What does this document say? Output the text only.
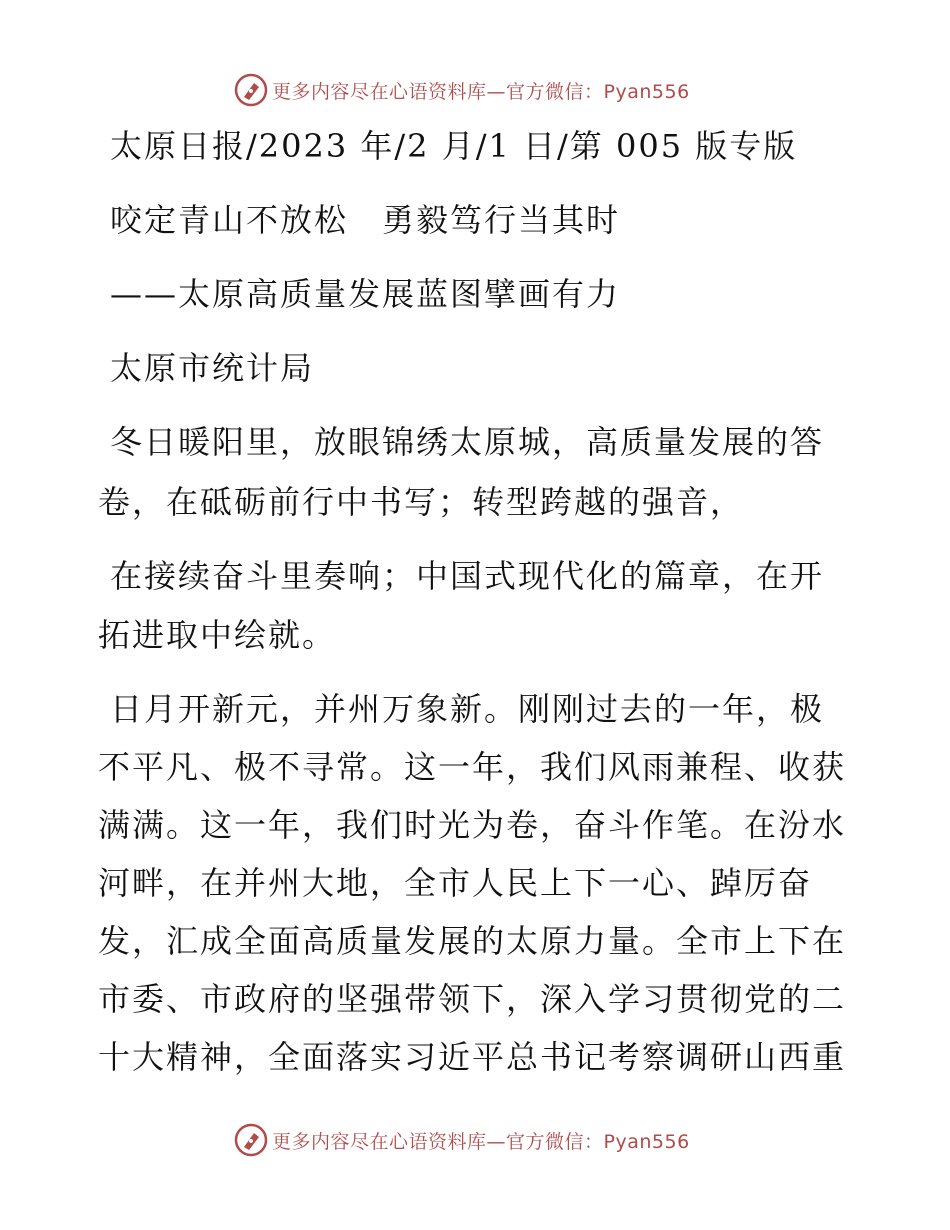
更多内容尽在心语资料库—官方微信：Pyan556
太原日报/2023 年/2 月/1 日/第 005 版专版
咬定青山不放松　勇毅笃行当其时
——太原高质量发展蓝图擘画有力
太原市统计局
冬日暖阳里，放眼锦绣太原城，高质量发展的答
卷，在砥砺前行中书写；转型跨越的强音，
在接续奋斗里奏响；中国式现代化的篇章，在开
拓进取中绘就。
日月开新元，并州万象新。刚刚过去的一年，极
不平凡、极不寻常。这一年，我们风雨兼程、收获
满满。这一年，我们时光为卷，奋斗作笔。在汾水
河畔，在并州大地，全市人民上下一心、踔厉奋
发，汇成全面高质量发展的太原力量。全市上下在
市委、市政府的坚强带领下，深入学习贯彻党的二
十大精神，全面落实习近平总书记考察调研山西重
更多内容尽在心语资料库—官方微信：Pyan556
